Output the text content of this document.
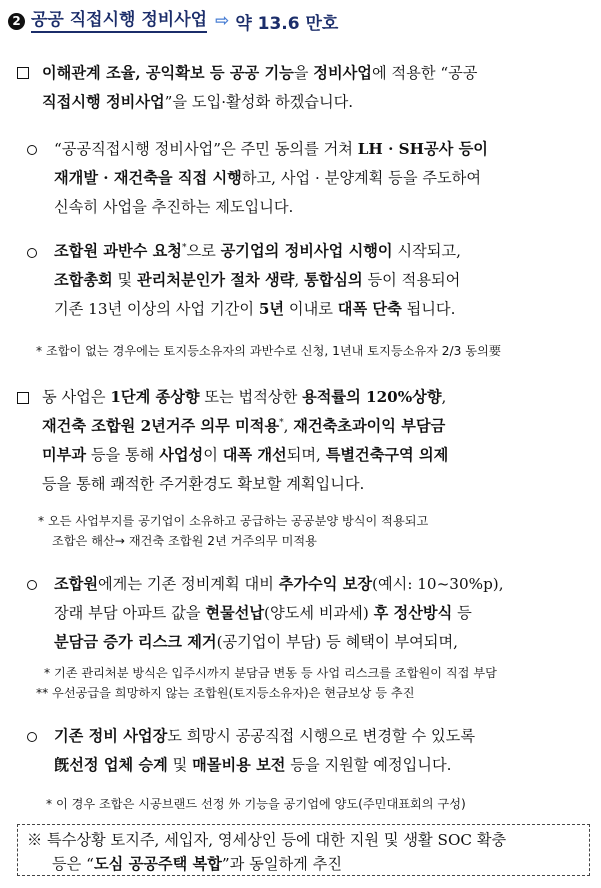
2 공공 직접시행 정비사업 ⇨ 약 13.6 만호
이해관계 조율, 공익확보 등 공공 기능을 정비사업에 적용한 “공공
직접시행 정비사업”을 도입·활성화 하겠습니다.
“공공직접시행 정비사업”은 주민 동의를 거쳐 LH · SH공사 등이
재개발 · 재건축을 직접 시행하고, 사업 · 분양계획 등을 주도하여
신속히 사업을 추진하는 제도입니다.
조합원 과반수 요청*으로 공기업의 정비사업 시행이 시작되고,
조합총회 및 관리처분인가 절차 생략, 통합심의 등이 적용되어
기존 13년 이상의 사업 기간이 5년 이내로 대폭 단축 됩니다.
* 조합이 없는 경우에는 토지등소유자의 과반수로 신청, 1년내 토지등소유자 2/3 동의要
동 사업은 1단계 종상향 또는 법적상한 용적률의 120%상향,
재건축 조합원 2년거주 의무 미적용*, 재건축초과이익 부담금
미부과 등을 통해 사업성이 대폭 개선되며, 특별건축구역 의제
등을 통해 쾌적한 주거환경도 확보할 계획입니다.
* 오든 사업부지를 공기업이 소유하고 공급하는 공공분양 방식이 적용되고
조합은 해산→ 재건축 조합원 2년 거주의무 미적용
조합원에게는 기존 정비계획 대비 추가수익 보장(예시: 10~30%p),
장래 부담 아파트 값을 현물선납(양도세 비과세) 후 정산방식 등
분담금 증가 리스크 제거(공기업이 부담) 등 혜택이 부여되며,
* 기존 관리처분 방식은 입주시까지 분담금 변동 등 사업 리스크를 조합원이 직접 부담
** 우선공급을 희망하지 않는 조합원(토지등소유자)은 현금보상 등 추진
기존 정비 사업장도 희망시 공공직접 시행으로 변경할 수 있도록
旣선정 업체 승계 및 매몰비용 보전 등을 지원할 예정입니다.
* 이 경우 조합은 시공브랜드 선정 外 기능을 공기업에 양도(주민대표회의 구성)
※ 특수상황 토지주, 세입자, 영세상인 등에 대한 지원 및 생활 SOC 확충
등은 “도심 공공주택 복합”과 동일하게 추진
